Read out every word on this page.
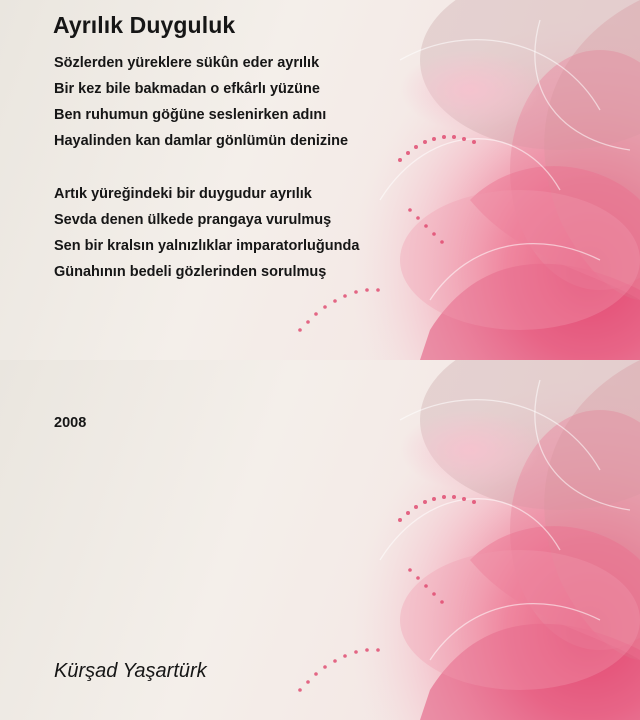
Ayrılık Duyguluk
Sözlerden yüreklere sükûn eder ayrılık
Bir kez bile bakmadan o efkârlı yüzüne
Ben ruhumun göğüne seslenirken adını
Hayalinden kan damlar gönlümün denizine
Artık yüreğindeki bir duygudur ayrılık
Sevda denen ülkede prangaya vurulmuş
Sen bir kralsın yalnızlıklar imparatorluğunda
Günahının bedeli gözlerinden sorulmuş
2008
Kürşad Yaşartürk
